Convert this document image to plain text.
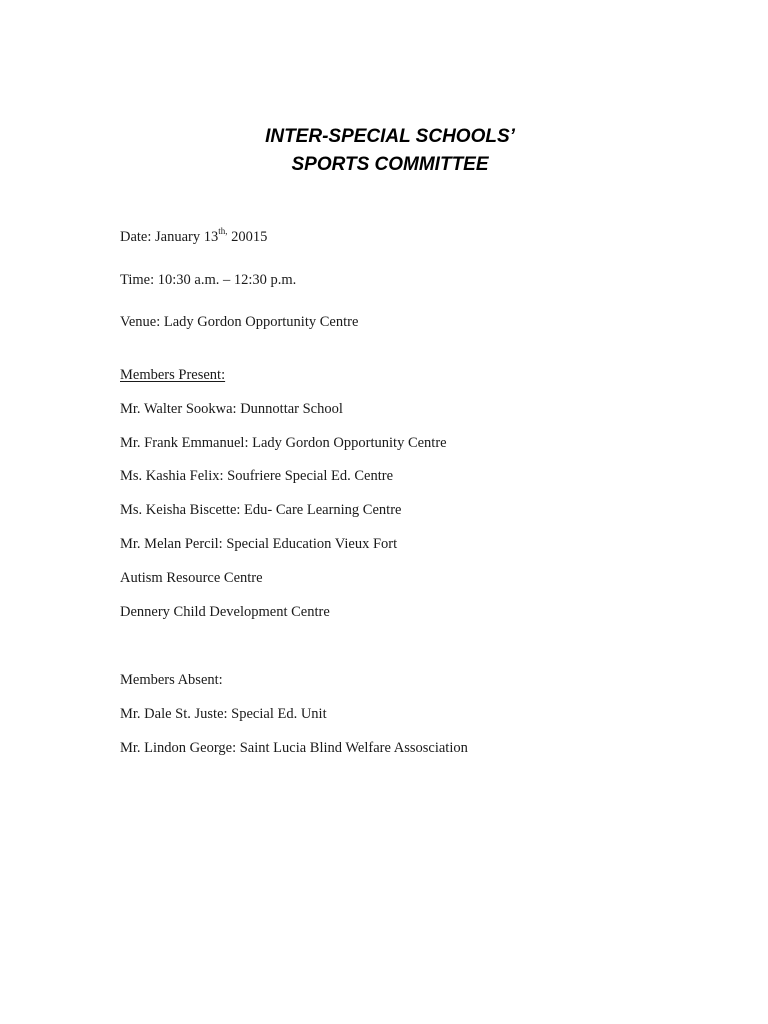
INTER-SPECIAL SCHOOLS’

SPORTS COMMITTEE

Date: January $13^{th,}$ 20015

Time: 10:30 a.m. – 12:30 p.m.

Venue: Lady Gordon Opportunity Centre

Members Present:

Mr. Walter Sookwa: Dunnottar School

Mr. Frank Emmanuel: Lady Gordon Opportunity Centre

Ms. Kashia Felix: Soufriere Special Ed. Centre

Ms. Keisha Biscette: Edu- Care Learning Centre

Mr. Melan Percil: Special Education Vieux Fort

Autism Resource Centre

Dennery Child Development Centre

Members Absent:

Mr. Dale St. Juste: Special Ed. Unit

Mr. Lindon George: Saint Lucia Blind Welfare Assosciation
